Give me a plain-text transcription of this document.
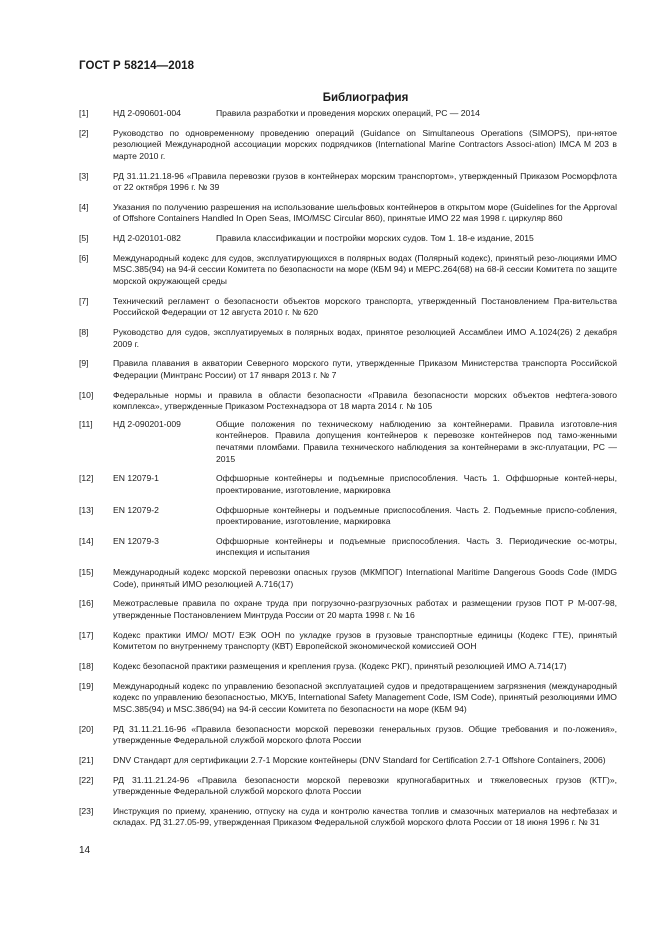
ГОСТ Р 58214—2018
Библиография
[1]	НД 2-090601-004	Правила разработки и проведения морских операций, РС — 2014
[2]	Руководство по одновременному проведению операций (Guidance on Simultaneous Operations (SIMOPS), при-нятое резолюцией Международной ассоциации морских подрядчиков (International Marine Contractors Associ-ation) IMCA M 203 в марте 2010 г.
[3]	РД 31.11.21.18-96 «Правила перевозки грузов в контейнерах морским транспортом», утвержденный Приказом Росморфлота от 22 октября 1996 г. № 39
[4]	Указания по получению разрешения на использование шельфовых контейнеров в открытом море (Guidelines for the Approval of Offshore Containers Handled In Open Seas, IMO/MSC Circular 860), принятые ИМО 22 мая 1998 г. циркуляр 860
[5]	НД 2-020101-082	Правила классификации и постройки морских судов. Том 1. 18-е издание, 2015
[6]	Международный кодекс для судов, эксплуатирующихся в полярных водах (Полярный кодекс), принятый резо-люциями ИМО MSC.385(94) на 94-й сессии Комитета по безопасности на море (КБМ 94) и МЕРС.264(68) на 68-й сессии Комитета по защите морской окружающей среды
[7]	Технический регламент о безопасности объектов морского транспорта, утвержденный Постановлением Пра-вительства Российской Федерации от 12 августа 2010 г. № 620
[8]	Руководство для судов, эксплуатируемых в полярных водах, принятое резолюцией Ассамблеи ИМО А.1024(26) 2 декабря 2009 г.
[9]	Правила плавания в акватории Северного морского пути, утвержденные Приказом Министерства транспорта Российской Федерации (Минтранс России) от 17 января 2013 г. № 7
[10]	Федеральные нормы и правила в области безопасности «Правила безопасности морских объектов нефтега-зового комплекса», утвержденные Приказом Ростехнадзора от 18 марта 2014 г. № 105
[11]	НД 2-090201-009	Общие положения по техническому наблюдению за контейнерами. Правила изготовле-ния контейнеров. Правила допущения контейнеров к перевозке контейнеров под тамо-женными печатями пломбами. Правила технического наблюдения за контейнерами в экс-плуатации, PC — 2015
[12]	EN 12079-1	Оффшорные контейнеры и подъемные приспособления. Часть 1. Оффшорные контей-неры, проектирование, изготовление, маркировка
[13]	EN 12079-2	Оффшорные контейнеры и подъемные приспособления. Часть 2. Подъемные приспо-собления, проектирование, изготовление, маркировка
[14]	EN 12079-3	Оффшорные контейнеры и подъемные приспособления. Часть 3. Периодические ос-мотры, инспекция и испытания
[15]	Международный кодекс морской перевозки опасных грузов (МКМПОГ) International Maritime Dangerous Goods Code (IMDG Code), принятый ИМО резолюцией А.716(17)
[16]	Межотраслевые правила по охране труда при погрузочно-разгрузочных работах и размещении грузов ПОТ Р М-007-98, утвержденные Постановлением Минтруда России от 20 марта 1998 г. № 16
[17]	Кодекс практики ИМО/ МОТ/ ЕЭК ООН по укладке грузов в грузовые транспортные единицы (Кодекс ГТЕ), принятый Комитетом по внутреннему транспорту (КВТ) Европейской экономической комиссией ООН
[18]	Кодекс безопасной практики размещения и крепления груза. (Кодекс РКГ), принятый резолюцией ИМО А.714(17)
[19]	Международный кодекс по управлению безопасной эксплуатацией судов и предотвращением загрязнения (международный кодекс по управлению безопасностью, МКУБ, International Safety Management Code, ISM Code), принятый резолюциями ИМО MSC.385(94) и MSC.386(94) на 94-й сессии Комитета по безопасности на море (КБМ 94)
[20]	РД 31.11.21.16-96 «Правила безопасности морской перевозки генеральных грузов. Общие требования и по-ложения», утвержденные Федеральной службой морского флота России
[21]	DNV Стандарт для сертификации 2.7-1 Морские контейнеры (DNV Standard for Certification 2.7-1 Offshore Containers, 2006)
[22]	РД 31.11.21.24-96 «Правила безопасности морской перевозки крупногабаритных и тяжеловесных грузов (КТГ)», утвержденные Федеральной службой морского флота России
[23]	Инструкция по приему, хранению, отпуску на суда и контролю качества топлив и смазочных материалов на нефтебазах и складах. РД 31.27.05-99, утвержденная Приказом Федеральной службой морского флота России от 18 июня 1996 г. № 31
14
